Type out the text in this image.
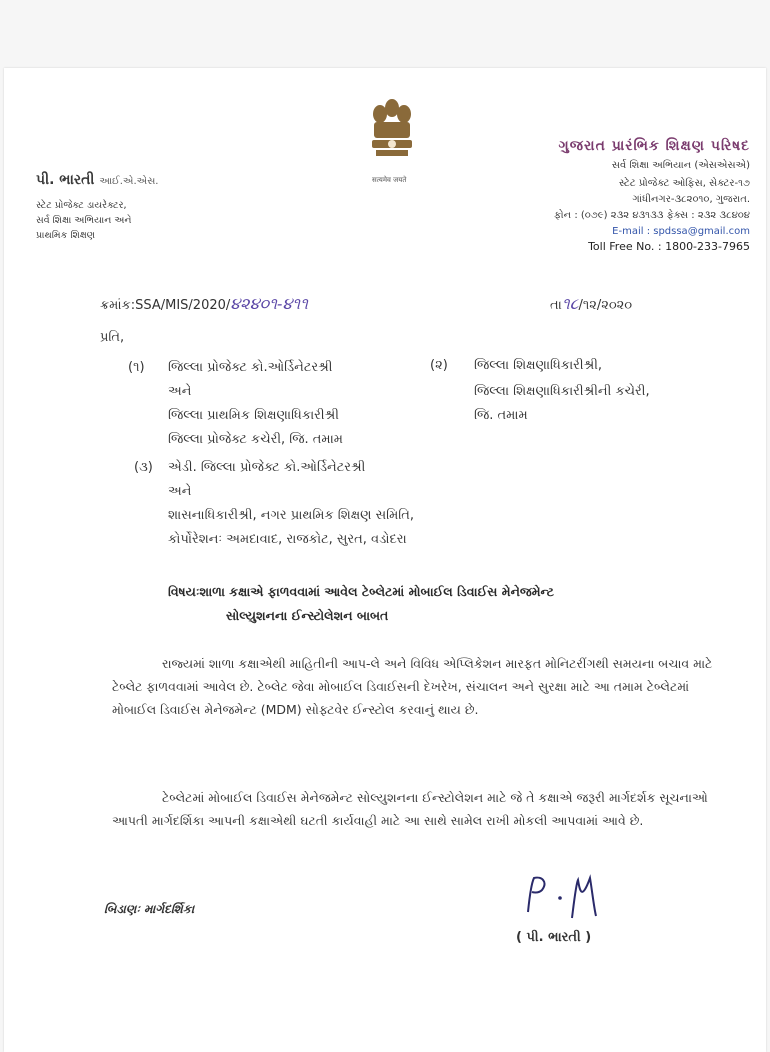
सत्यमेव जयते
પી. ભારતી આઈ.એ.એસ.
સ્ટેટ પ્રોજેક્ટ ડાયરેક્ટર,
સર્વ શિક્ષા અભિયાન અને
પ્રાથમિક શિક્ષણ
ગુજરાત પ્રારંભિક શિક્ષણ પરિષદ
સર્વ શિક્ષા અભિયાન (એસએસએ)
સ્ટેટ પ્રોજેક્ટ ઓફિસ, સેક્ટર-૧૭
ગાંધીનગર-૩૮૨૦૧૦, ગુજરાત.
ફોન : (૦૭૯) ૨૩૨ ૪૩૧૩૩ ફેક્સ : ૨૩૨ ૩૮૪૦૪
E-mail : spdssa@gmail.com
Toll Free No. : 1800-233-7965
ક્રમાંક:SSA/MIS/2020/૪૨૪૦૧-૪૧૧	તા૧૮/૧૨/૨૦૨૦
પ્રતિ,
(૧) જિલ્લા પ્રોજેક્ટ કો.ઓર્ડિનેટરશ્રી
અને
જિલ્લા પ્રાથમિક શિક્ષણાધિકારીશ્રી
જિલ્લા પ્રોજેક્ટ કચેરી, જિ. તમામ
(૨) જિલ્લા શિક્ષણાધિકારીશ્રી,
જિલ્લા શિક્ષણાધિકારીશ્રીની કચેરી,
જિ. તમામ
(૩) એડી. જિલ્લા પ્રોજેક્ટ કો.ઓર્ડિનેટરશ્રી
અને
શાસનાધિકારીશ્રી, નગર પ્રાથમિક શિક્ષણ સમિતિ,
કોર્પોરેશનઃ અમદાવાદ, રાજકોટ, સુરત, વડોદરા
વિષયઃશાળા કક્ષાએ ફાળવવામાં આવેલ ટેબ્લેટમાં મોબાઈલ ડિવાઈસ મેનેજમેન્ટ
સોલ્યુશનના ઈન્સ્ટોલેશન બાબત
રાજ્યમાં શાળા કક્ષાએથી માહિતીની આપ-લે અને વિવિધ એપ્લિકેશન મારફત મોનિટરીંગથી સમયના બચાવ માટે ટેબ્લેટ ફાળવવામાં આવેલ છે. ટેબ્લેટ જેવા મોબાઈલ ડિવાઈસની દેખરેખ, સંચાલન અને સુરક્ષા માટે આ તમામ ટેબ્લેટમાં મોબાઈલ ડિવાઈસ મેનેજમેન્ટ (MDM) સોફ્ટવેર ઈન્સ્ટોલ કરવાનું થાય છે.
ટેબ્લેટમાં મોબાઈલ ડિવાઈસ મેનેજમેન્ટ સોલ્યુશનના ઈન્સ્ટોલેશન માટે જે તે કક્ષાએ જરૂરી માર્ગદર્શક સૂચનાઓ આપતી માર્ગદર્શિકા આપની કક્ષાએથી ઘટતી કાર્યવાહી માટે આ સાથે સામેલ રાખી મોકલી આપવામાં આવે છે.
બિડાણઃ માર્ગદર્શિકા
( પી. ભારતી )
